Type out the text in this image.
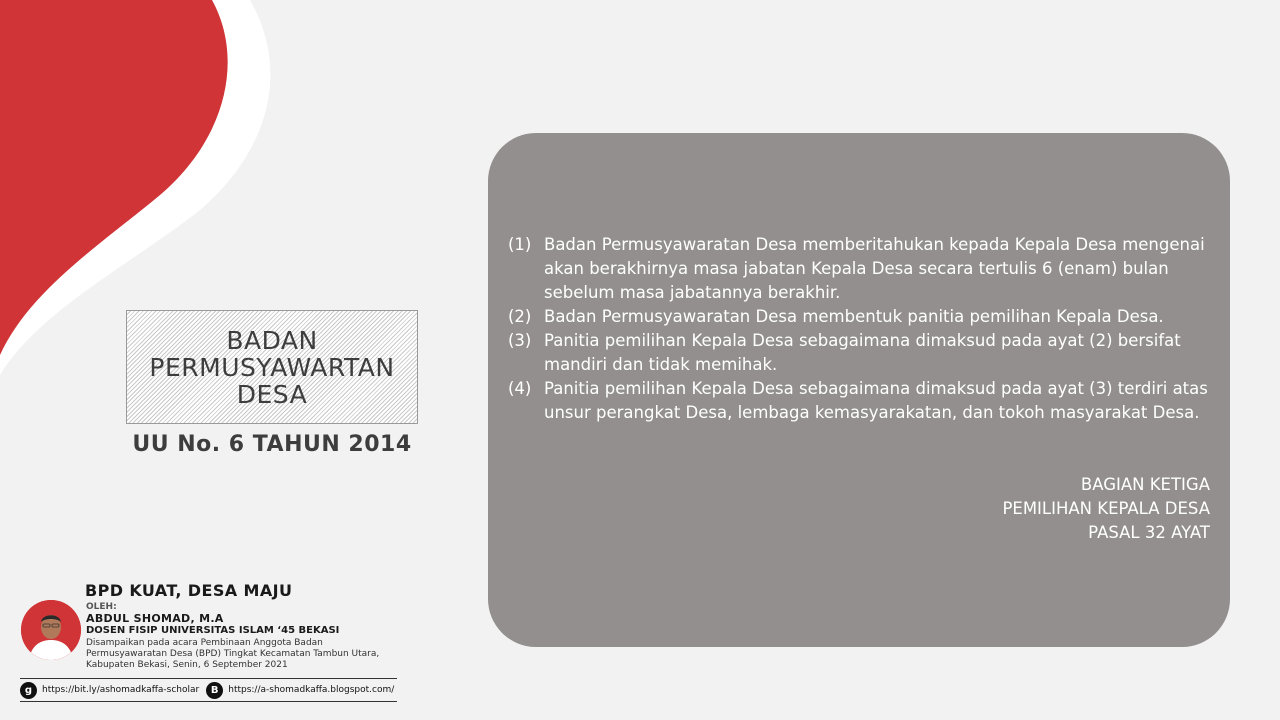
BADAN
PERMUSYAWARTAN
DESA
UU No. 6 TAHUN 2014
(1) Badan Permusyawaratan Desa memberitahukan kepada Kepala Desa mengenai akan berakhirnya masa jabatan Kepala Desa secara tertulis 6 (enam) bulan sebelum masa jabatannya berakhir.
(2) Badan Permusyawaratan Desa membentuk panitia pemilihan Kepala Desa.
(3) Panitia pemilihan Kepala Desa sebagaimana dimaksud pada ayat (2) bersifat mandiri dan tidak memihak.
(4) Panitia pemilihan Kepala Desa sebagaimana dimaksud pada ayat (3) terdiri atas unsur perangkat Desa, lembaga kemasyarakatan, dan tokoh masyarakat Desa.
BAGIAN KETIGA
PEMILIHAN KEPALA DESA
PASAL 32 AYAT
BPD KUAT, DESA MAJU
OLEH:
ABDUL SHOMAD, M.A
DOSEN FISIP UNIVERSITAS ISLAM ‘45 BEKASI
Disampaikan pada acara Pembinaan Anggota Badan
Permusyawaratan Desa (BPD) Tingkat Kecamatan Tambun Utara,
Kabupaten Bekasi, Senin, 6 September 2021
g	https://bit.ly/ashomadkaffa-scholar	B	https://a-shomadkaffa.blogspot.com/
